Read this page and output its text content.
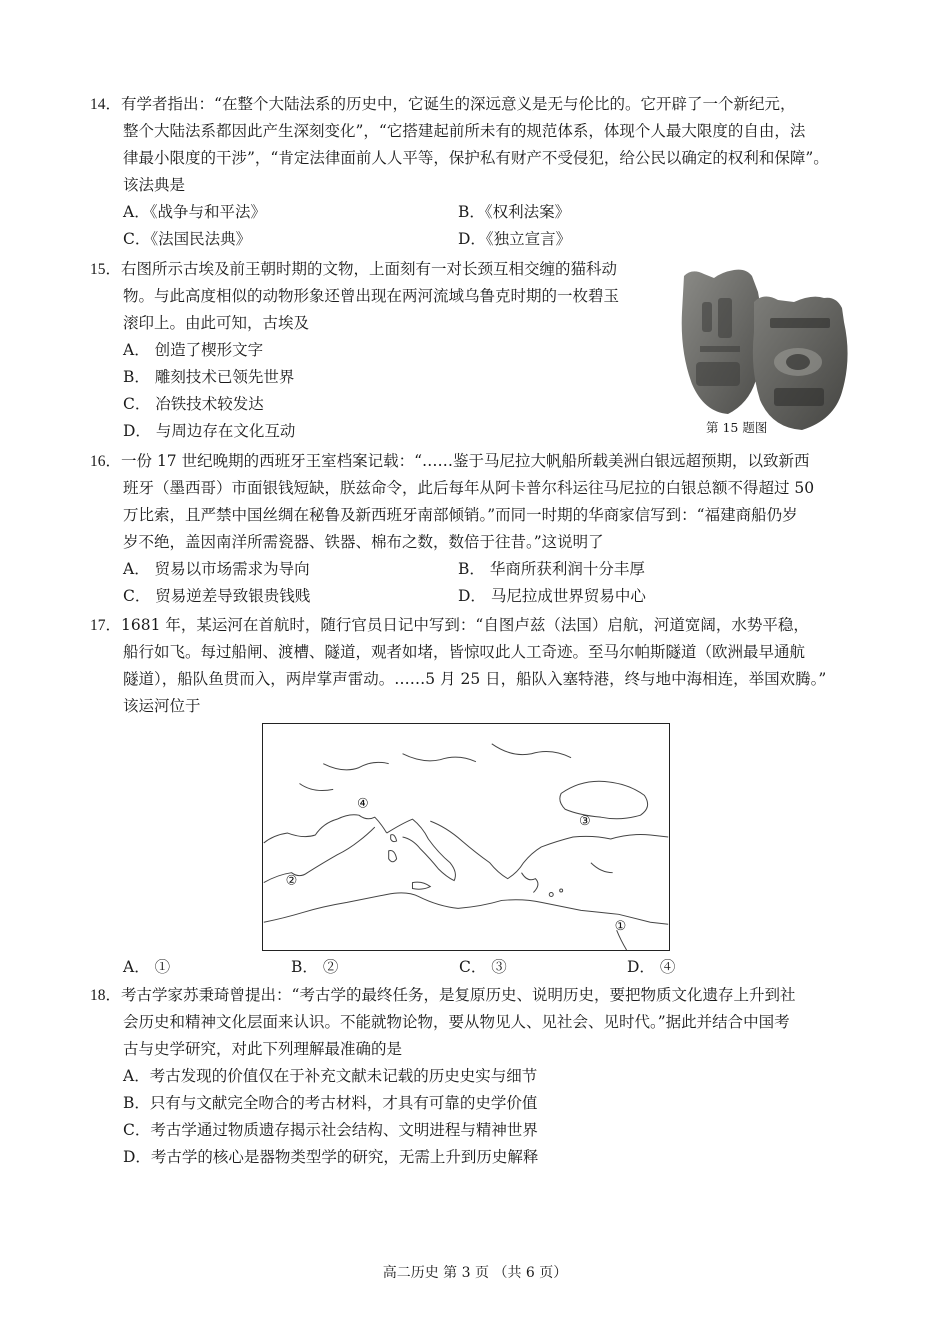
14．有学者指出：“在整个大陆法系的历史中，它诞生的深远意义是无与伦比的。它开辟了一个新纪元，

整个大陆法系都因此产生深刻变化”，“它搭建起前所未有的规范体系，体现个人最大限度的自由，法

律最小限度的干涉”，“肯定法律面前人人平等，保护私有财产不受侵犯，给公民以确定的权利和保障”。

该法典是

A．《战争与和平法》	B．《权利法案》
C．《法国民法典》	D．《独立宣言》

15．右图所示古埃及前王朝时期的文物，上面刻有一对长颈互相交缠的猫科动

物。与此高度相似的动物形象还曾出现在两河流域乌鲁克时期的一枚碧玉

滚印上。由此可知，古埃及

A． 创造了楔形文字
B． 雕刻技术已领先世界
C． 冶铁技术较发达
D． 与周边存在文化互动	第 15 题图

16．一份 17 世纪晚期的西班牙王室档案记载：“……鉴于马尼拉大帆船所载美洲白银远超预期，以致新西

班牙（墨西哥）市面银钱短缺，朕兹命令，此后每年从阿卡普尔科运往马尼拉的白银总额不得超过 50

万比索，且严禁中国丝绸在秘鲁及新西班牙南部倾销。”而同一时期的华商家信写到：“福建商船仍岁

岁不绝，盖因南洋所需瓷器、铁器、棉布之数，数倍于往昔。”这说明了

A． 贸易以市场需求为导向	B． 华商所获利润十分丰厚
C． 贸易逆差导致银贵钱贱	D． 马尼拉成世界贸易中心

17．1681 年，某运河在首航时，随行官员日记中写到：“自图卢兹（法国）启航，河道宽阔，水势平稳，

船行如飞。每过船闸、渡槽、隧道，观者如堵，皆惊叹此人工奇迹。至马尔帕斯隧道（欧洲最早通航

隧道），船队鱼贯而入，两岸掌声雷动。……5 月 25 日，船队入塞特港，终与地中海相连，举国欢腾。”

该运河位于

①
②
③
④
A． ①	B． ②	C． ③	D． ④

18．考古学家苏秉琦曾提出：“考古学的最终任务，是复原历史、说明历史，要把物质文化遗存上升到社

会历史和精神文化层面来认识。不能就物论物，要从物见人、见社会、见时代。”据此并结合中国考

古与史学研究，对此下列理解最准确的是

A．考古发现的价值仅在于补充文献未记载的历史史实与细节
B．只有与文献完全吻合的考古材料，才具有可靠的史学价值
C．考古学通过物质遗存揭示社会结构、文明进程与精神世界
D．考古学的核心是器物类型学的研究，无需上升到历史解释
高二历史 第 3 页 （共 6 页）
